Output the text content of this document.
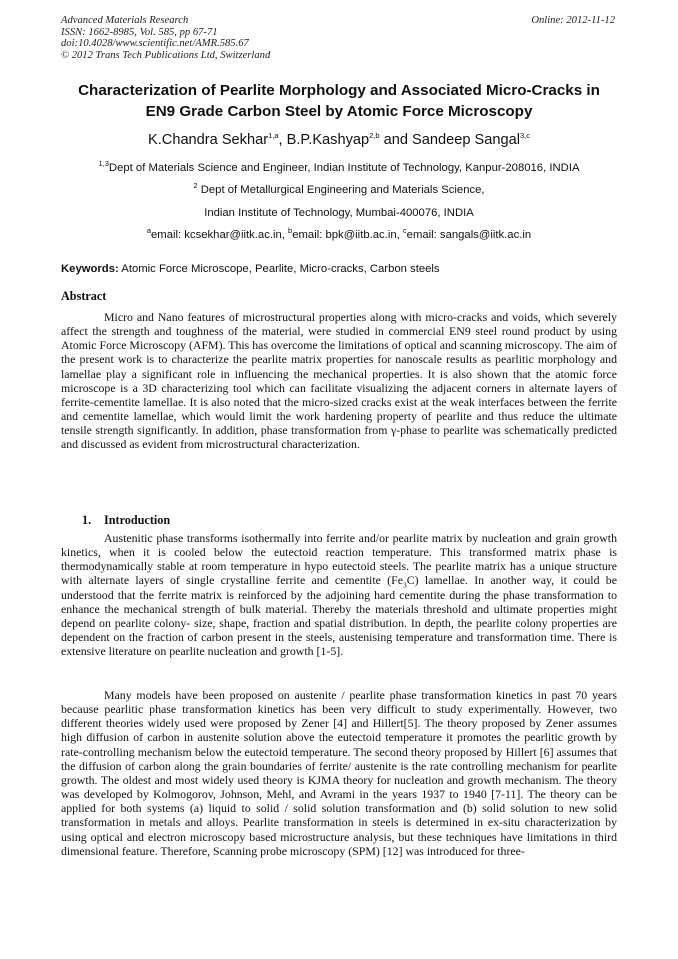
Advanced Materials Research
ISSN: 1662-8985, Vol. 585, pp 67-71
doi:10.4028/www.scientific.net/AMR.585.67
© 2012 Trans Tech Publications Ltd, Switzerland
Online: 2012-11-12
Characterization of Pearlite Morphology and Associated Micro-Cracks in
EN9 Grade Carbon Steel by Atomic Force Microscopy
K.Chandra Sekhar$^{1,a}$, B.P.Kashyap$^{2,b}$ and Sandeep Sangal$^{3,c}$
$^{1,3}$Dept of Materials Science and Engineer, Indian Institute of Technology, Kanpur-208016, INDIA
$^2$ Dept of Metallurgical Engineering and Materials Science,
Indian Institute of Technology, Mumbai-400076, INDIA
$^a$email: kcsekhar@iitk.ac.in, $^b$email: bpk@iitb.ac.in, $^c$email: sangals@iitk.ac.in
Keywords: Atomic Force Microscope, Pearlite, Micro-cracks, Carbon steels
Abstract

Micro and Nano features of microstructural properties along with micro-cracks and voids, which severely affect the strength and toughness of the material, were studied in commercial EN9 steel round product by using Atomic Force Microscopy (AFM). This has overcome the limitations of optical and scanning microscopy. The aim of the present work is to characterize the pearlite matrix properties for nanoscale results as pearlitic morphology and lamellae play a significant role in influencing the mechanical properties. It is also shown that the atomic force microscope is a 3D characterizing tool which can facilitate visualizing the adjacent corners in alternate layers of ferrite-cementite lamellae. It is also noted that the micro-sized cracks exist at the weak interfaces between the ferrite and cementite lamellae, which would limit the work hardening property of pearlite and thus reduce the ultimate tensile strength significantly. In addition, phase transformation from γ-phase to pearlite was schematically predicted and discussed as evident from microstructural characterization.

1. Introduction

Austenitic phase transforms isothermally into ferrite and/or pearlite matrix by nucleation and grain growth kinetics, when it is cooled below the eutectoid reaction temperature. This transformed matrix phase is thermodynamically stable at room temperature in hypo eutectoid steels. The pearlite matrix has a unique structure with alternate layers of single crystalline ferrite and cementite $(Fe_3C)$ lamellae. In another way, it could be understood that the ferrite matrix is reinforced by the adjoining hard cementite during the phase transformation to enhance the mechanical strength of bulk material. Thereby the materials threshold and ultimate properties might depend on pearlite colony- size, shape, fraction and spatial distribution. In depth, the pearlite colony properties are dependent on the fraction of carbon present in the steels, austenising temperature and transformation time. There is extensive literature on pearlite nucleation and growth [1-5].

Many models have been proposed on austenite / pearlite phase transformation kinetics in past 70 years because pearlitic phase transformation kinetics has been very difficult to study experimentally. However, two different theories widely used were proposed by Zener [4] and Hillert[5]. The theory proposed by Zener assumes high diffusion of carbon in austenite solution above the eutectoid temperature it promotes the pearlitic growth by rate-controlling mechanism below the eutectoid temperature. The second theory proposed by Hillert [6] assumes that the diffusion of carbon along the grain boundaries of ferrite/ austenite is the rate controlling mechanism for pearlite growth. The oldest and most widely used theory is KJMA theory for nucleation and growth mechanism. The theory was developed by Kolmogorov, Johnson, Mehl, and Avrami in the years 1937 to 1940 [7-11]. The theory can be applied for both systems (a) liquid to solid / solid solution transformation and (b) solid solution to new solid transformation in metals and alloys. Pearlite transformation in steels is determined in ex-situ characterization by using optical and electron microscopy based microstructure analysis, but these techniques have limitations in third dimensional feature. Therefore, Scanning probe microscopy (SPM) [12] was introduced for three-
